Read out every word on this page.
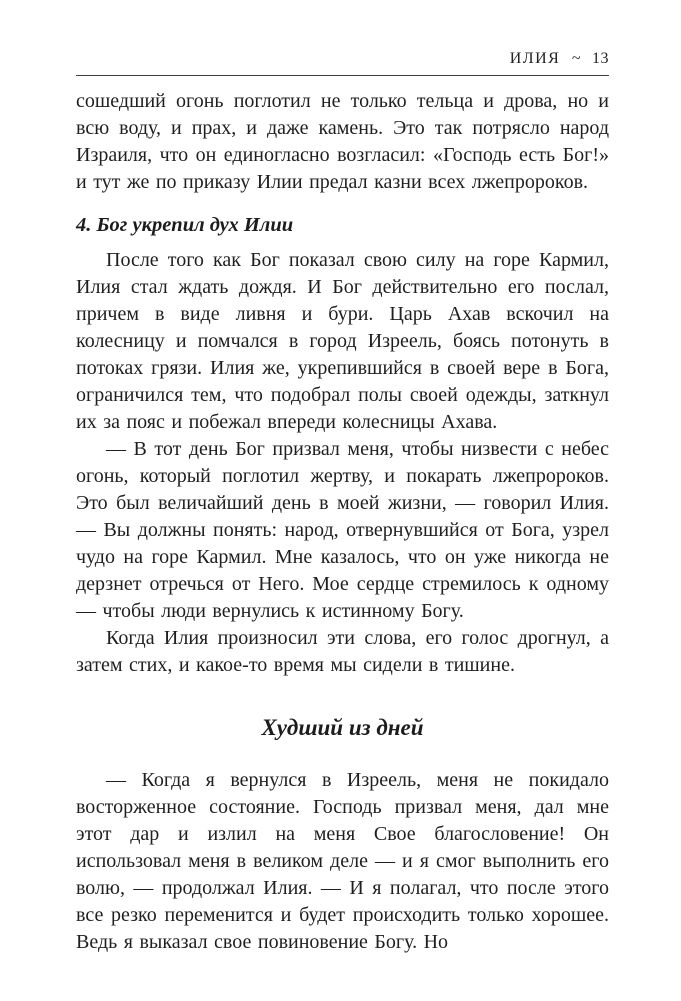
ИЛИЯ ~ 13

сошедший огонь поглотил не только тельца и дрова, но и всю воду, и прах, и даже камень. Это так потрясло народ Израиля, что он единогласно возгласил: «Господь есть Бог!» и тут же по приказу Илии предал казни всех лжепророков.

4. Бог укрепил дух Илии

После того как Бог показал свою силу на горе Кармил, Илия стал ждать дождя. И Бог действительно его послал, причем в виде ливня и бури. Царь Ахав вскочил на колесницу и помчался в город Изреель, боясь потонуть в потоках грязи. Илия же, укрепившийся в своей вере в Бога, ограничился тем, что подобрал полы своей одежды, заткнул их за пояс и побежал впереди колесницы Ахава.

— В тот день Бог призвал меня, чтобы низвести с небес огонь, который поглотил жертву, и покарать лжепророков. Это был величайший день в моей жизни, — говорил Илия. — Вы должны понять: народ, отвернувшийся от Бога, узрел чудо на горе Кармил. Мне казалось, что он уже никогда не дерзнет отречься от Него. Мое сердце стремилось к одному — чтобы люди вернулись к истинному Богу.

Когда Илия произносил эти слова, его голос дрогнул, а затем стих, и какое-то время мы сидели в тишине.

Худший из дней

— Когда я вернулся в Изреель, меня не покидало восторженное состояние. Господь призвал меня, дал мне этот дар и излил на меня Свое благословение! Он использовал меня в великом деле — и я смог выполнить его волю, — продолжал Илия. — И я полагал, что после этого все резко переменится и будет происходить только хорошее. Ведь я выказал свое повиновение Богу. Но
